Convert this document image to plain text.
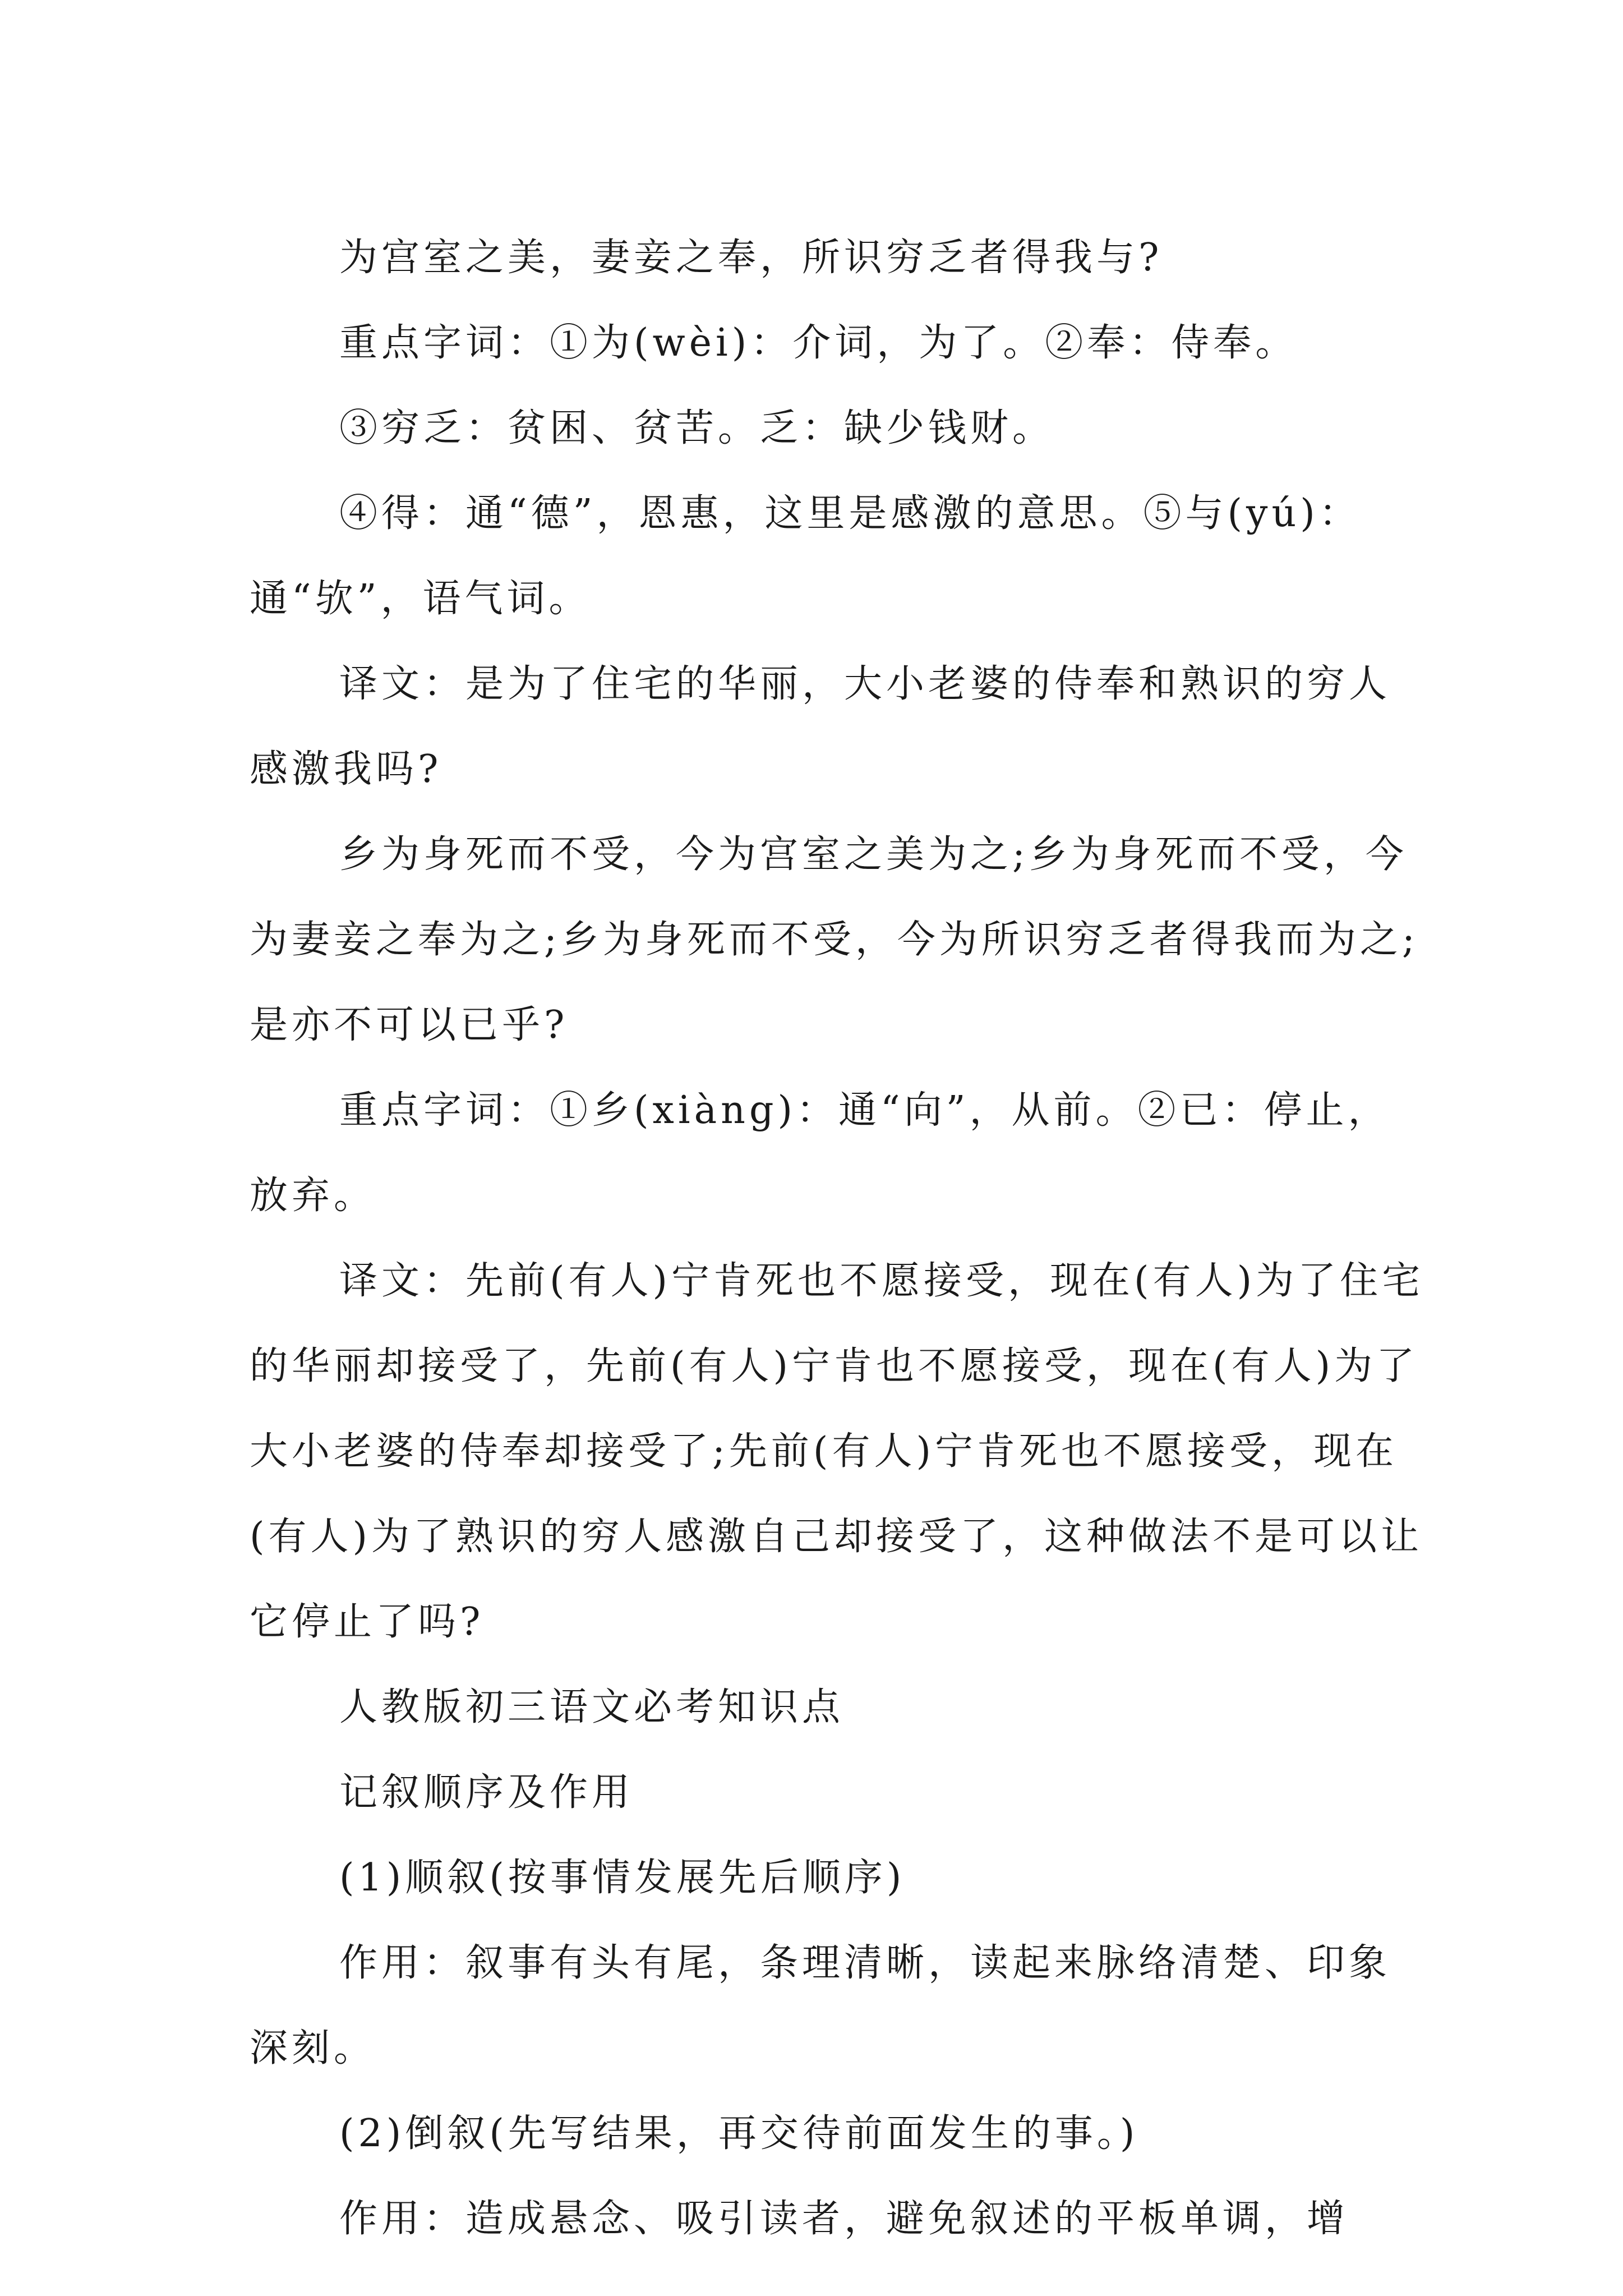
为宫室之美，妻妾之奉，所识穷乏者得我与?

重点字词：①为(wèi)：介词，为了。②奉：侍奉。

③穷乏：贫困、贫苦。乏：缺少钱财。

④得：通“德”，恩惠，这里是感激的意思。⑤与(yú)：通“欤”，语气词。

译文：是为了住宅的华丽，大小老婆的侍奉和熟识的穷人感激我吗?

乡为身死而不受，今为宫室之美为之;乡为身死而不受，今为妻妾之奉为之;乡为身死而不受，今为所识穷乏者得我而为之;是亦不可以已乎?

重点字词：①乡(xiàng)：通“向”，从前。②已：停止，放弃。

译文：先前(有人)宁肯死也不愿接受，现在(有人)为了住宅的华丽却接受了，先前(有人)宁肯也不愿接受，现在(有人)为了大小老婆的侍奉却接受了;先前(有人)宁肯死也不愿接受，现在(有人)为了熟识的穷人感激自己却接受了，这种做法不是可以让它停止了吗?

人教版初三语文必考知识点

记叙顺序及作用

(1)顺叙(按事情发展先后顺序)

作用：叙事有头有尾，条理清晰，读起来脉络清楚、印象深刻。

(2)倒叙(先写结果，再交待前面发生的事。)

作用：造成悬念、吸引读者，避免叙述的平板单调，增
